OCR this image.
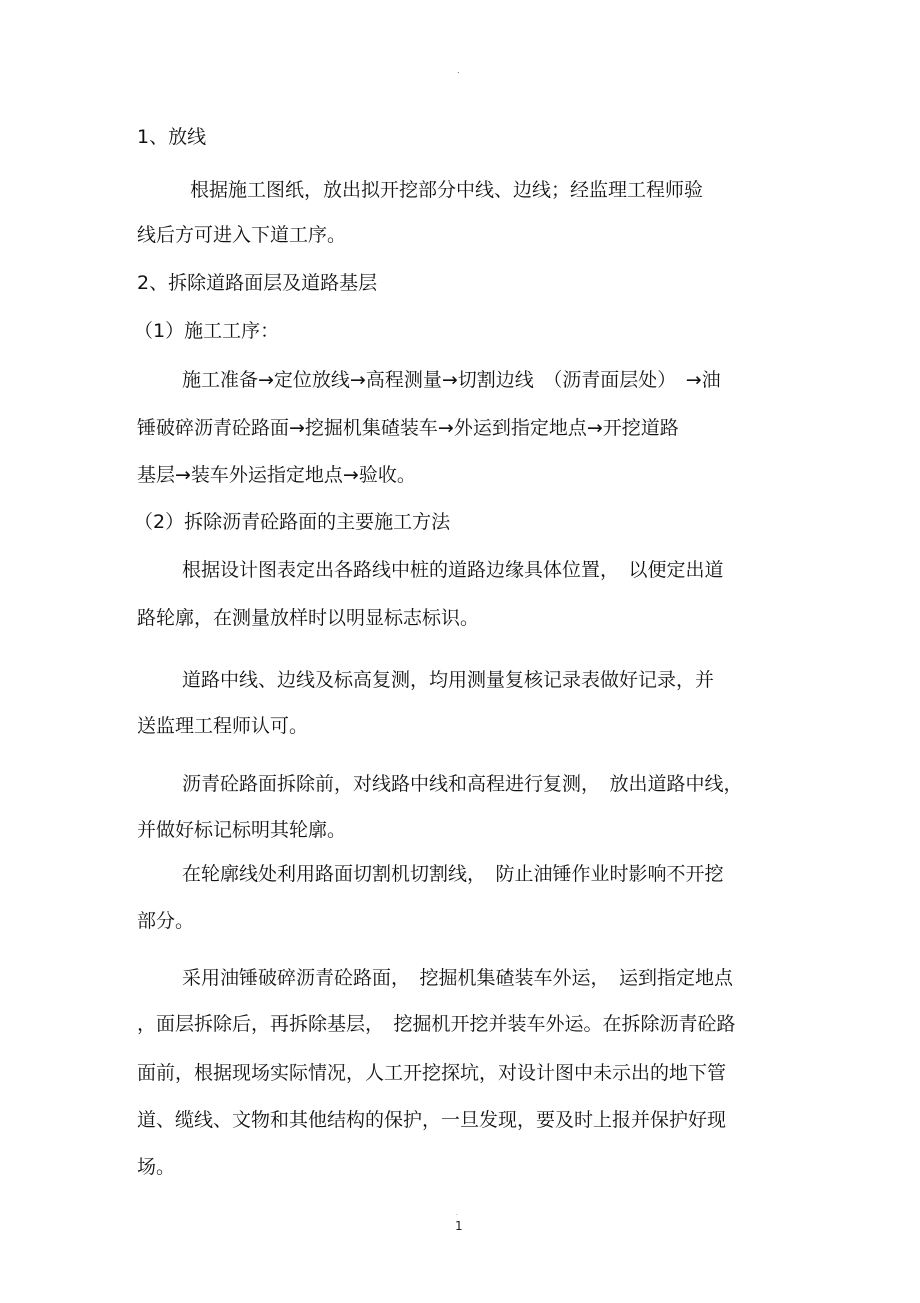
.
1、放线
根据施工图纸，放出拟开挖部分中线、边线；经监理工程师验
线后方可进入下道工序。
2、拆除道路面层及道路基层
（1）施工工序：
施工准备→定位放线→高程测量→切割边线　（沥青面层处）　→油
锤破碎沥青砼路面→挖掘机集碴装车→外运到指定地点→开挖道路
基层→装车外运指定地点→验收。
（2）拆除沥青砼路面的主要施工方法
根据设计图表定出各路线中桩的道路边缘具体位置，　以便定出道
路轮廓，在测量放样时以明显标志标识。
道路中线、边线及标高复测，均用测量复核记录表做好记录，并
送监理工程师认可。
沥青砼路面拆除前，对线路中线和高程进行复测，　放出道路中线，
并做好标记标明其轮廓。
在轮廓线处利用路面切割机切割线，　防止油锤作业时影响不开挖
部分。
采用油锤破碎沥青砼路面，　挖掘机集碴装车外运，　运到指定地点
，面层拆除后，再拆除基层，　挖掘机开挖并装车外运。在拆除沥青砼路
面前，根据现场实际情况，人工开挖探坑，对设计图中未示出的地下管
道、缆线、文物和其他结构的保护，一旦发现，要及时上报并保护好现
场。
.
1
